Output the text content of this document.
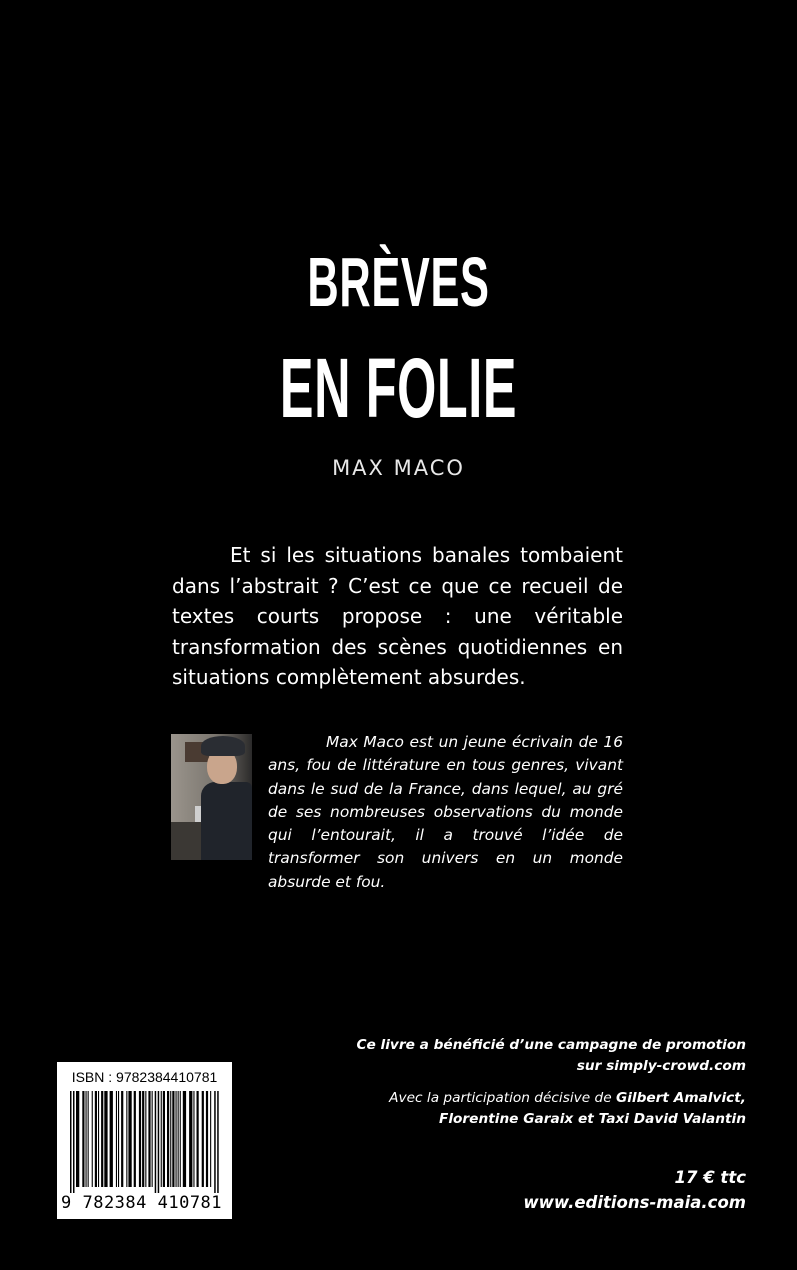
BRÈVES
EN FOLIE
MAX MACO

Et si les situations banales tombaient dans l’abstrait ? C’est ce que ce recueil de textes courts propose : une véritable transformation des scènes quotidiennes en situations complètement absurdes.

Max Maco est un jeune écrivain de 16 ans, fou de littérature en tous genres, vivant dans le sud de la France, dans lequel, au gré de ses nombreuses observations du monde qui l’entourait, il a trouvé l’idée de transformer son univers en un monde absurde et fou.

Ce livre a bénéficié d’une campagne de promotion
sur simply-crowd.com
Avec la participation décisive de Gilbert Amalvict,
Florentine Garaix et Taxi David Valantin
17 € ttc
www.editions-maia.com
ISBN : 9782384410781
9 782384 410781
